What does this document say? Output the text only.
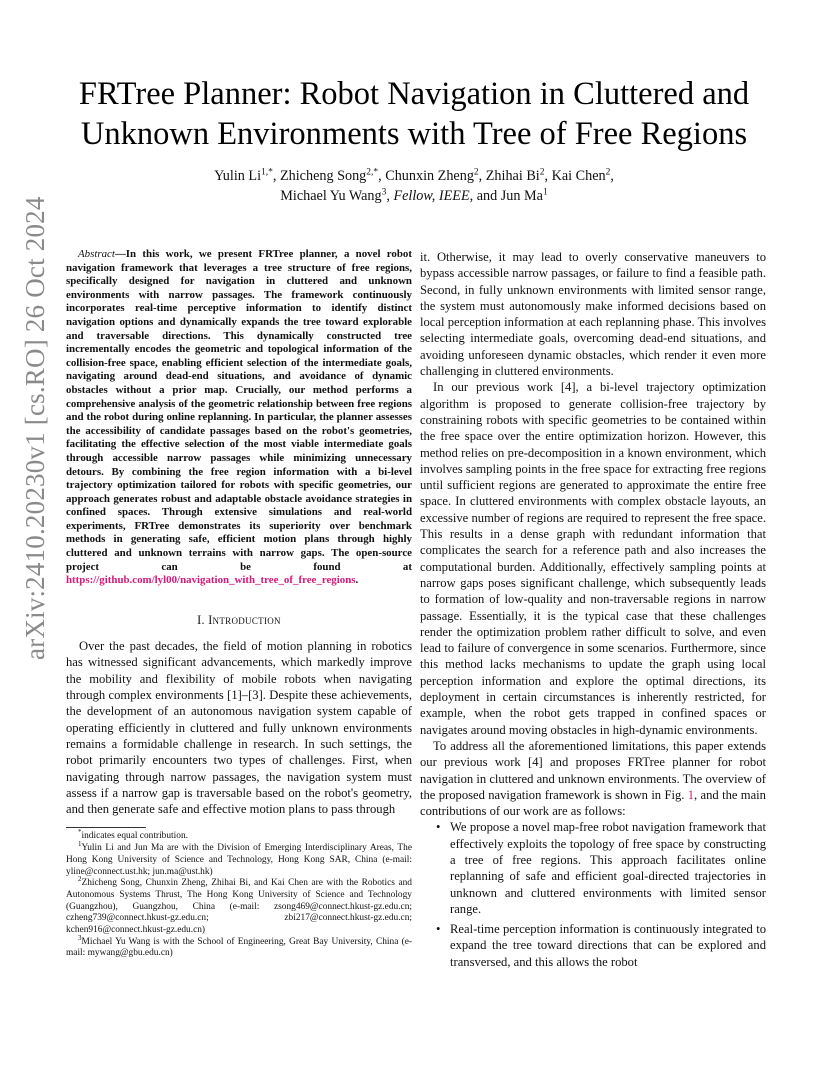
arXiv:2410.20230v1 [cs.RO] 26 Oct 2024
FRTree Planner: Robot Navigation in Cluttered and Unknown Environments with Tree of Free Regions
Yulin $Li^{1,*}$, Zhicheng Song$^{2,*}$, Chunxin Zheng$^2$, Zhihai Bi$^2$, Kai Chen$^2$,
Michael Yu Wang$^3$, Fellow, IEEE, and Jun Ma$^1$

Abstract—In this work, we present FRTree planner, a novel robot navigation framework that leverages a tree structure of free regions, specifically designed for navigation in cluttered and unknown environments with narrow passages. The framework continuously incorporates real-time perceptive information to identify distinct navigation options and dynamically expands the tree toward explorable and traversable directions. This dynamically constructed tree incrementally encodes the geometric and topological information of the collision-free space, enabling efficient selection of the intermediate goals, navigating around dead-end situations, and avoidance of dynamic obstacles without a prior map. Crucially, our method performs a comprehensive analysis of the geometric relationship between free regions and the robot during online replanning. In particular, the planner assesses the accessibility of candidate passages based on the robot's geometries, facilitating the effective selection of the most viable intermediate goals through accessible narrow passages while minimizing unnecessary detours. By combining the free region information with a bi-level trajectory optimization tailored for robots with specific geometries, our approach generates robust and adaptable obstacle avoidance strategies in confined spaces. Through extensive simulations and real-world experiments, FRTree demonstrates its superiority over benchmark methods in generating safe, efficient motion plans through highly cluttered and unknown terrains with narrow gaps. The open-source project can be found at https://github.com/lyl00/navigation_with_tree_of_free_regions.

I. Introduction

Over the past decades, the field of motion planning in robotics has witnessed significant advancements, which markedly improve the mobility and flexibility of mobile robots when navigating through complex environments [1]–[3]. Despite these achievements, the development of an autonomous navigation system capable of operating efficiently in cluttered and fully unknown environments remains a formidable challenge in research. In such settings, the robot primarily encounters two types of challenges. First, when navigating through narrow passages, the navigation system must assess if a narrow gap is traversable based on the robot's geometry, and then generate safe and effective motion plans to pass through

*indicates equal contribution.

$^1$Yulin Li and Jun Ma are with the Division of Emerging Interdisciplinary Areas, The Hong Kong University of Science and Technology, Hong Kong SAR, China (e-mail: yline@connect.ust.hk; jun.ma@ust.hk)

$^2$Zhicheng Song, Chunxin Zheng, Zhihai Bi, and Kai Chen are with the Robotics and Autonomous Systems Thrust, The Hong Kong University of Science and Technology (Guangzhou), Guangzhou, China (e-mail: zsong469@connect.hkust-gz.edu.cn; czheng739@connect.hkust-gz.edu.cn; zbi217@connect.hkust-gz.edu.cn; kchen916@connect.hkust-gz.edu.cn)

$^3$Michael Yu Wang is with the School of Engineering, Great Bay University, China (e-mail: mywang@gbu.edu.cn)

it. Otherwise, it may lead to overly conservative maneuvers to bypass accessible narrow passages, or failure to find a feasible path. Second, in fully unknown environments with limited sensor range, the system must autonomously make informed decisions based on local perception information at each replanning phase. This involves selecting intermediate goals, overcoming dead-end situations, and avoiding unforeseen dynamic obstacles, which render it even more challenging in cluttered environments.

In our previous work [4], a bi-level trajectory optimization algorithm is proposed to generate collision-free trajectory by constraining robots with specific geometries to be contained within the free space over the entire optimization horizon. However, this method relies on pre-decomposition in a known environment, which involves sampling points in the free space for extracting free regions until sufficient regions are generated to approximate the entire free space. In cluttered environments with complex obstacle layouts, an excessive number of regions are required to represent the free space. This results in a dense graph with redundant information that complicates the search for a reference path and also increases the computational burden. Additionally, effectively sampling points at narrow gaps poses significant challenge, which subsequently leads to formation of low-quality and non-traversable regions in narrow passage. Essentially, it is the typical case that these challenges render the optimization problem rather difficult to solve, and even lead to failure of convergence in some scenarios. Furthermore, since this method lacks mechanisms to update the graph using local perception information and explore the optimal directions, its deployment in certain circumstances is inherently restricted, for example, when the robot gets trapped in confined spaces or navigates around moving obstacles in high-dynamic environments.

To address all the aforementioned limitations, this paper extends our previous work [4] and proposes FRTree planner for robot navigation in cluttered and unknown environments. The overview of the proposed navigation framework is shown in Fig. 1, and the main contributions of our work are as follows:

• We propose a novel map-free robot navigation framework that effectively exploits the topology of free space by constructing a tree of free regions. This approach facilitates online replanning of safe and efficient goal-directed trajectories in unknown and cluttered environments with limited sensor range.
• Real-time perception information is continuously integrated to expand the tree toward directions that can be explored and transversed, and this allows the robot
